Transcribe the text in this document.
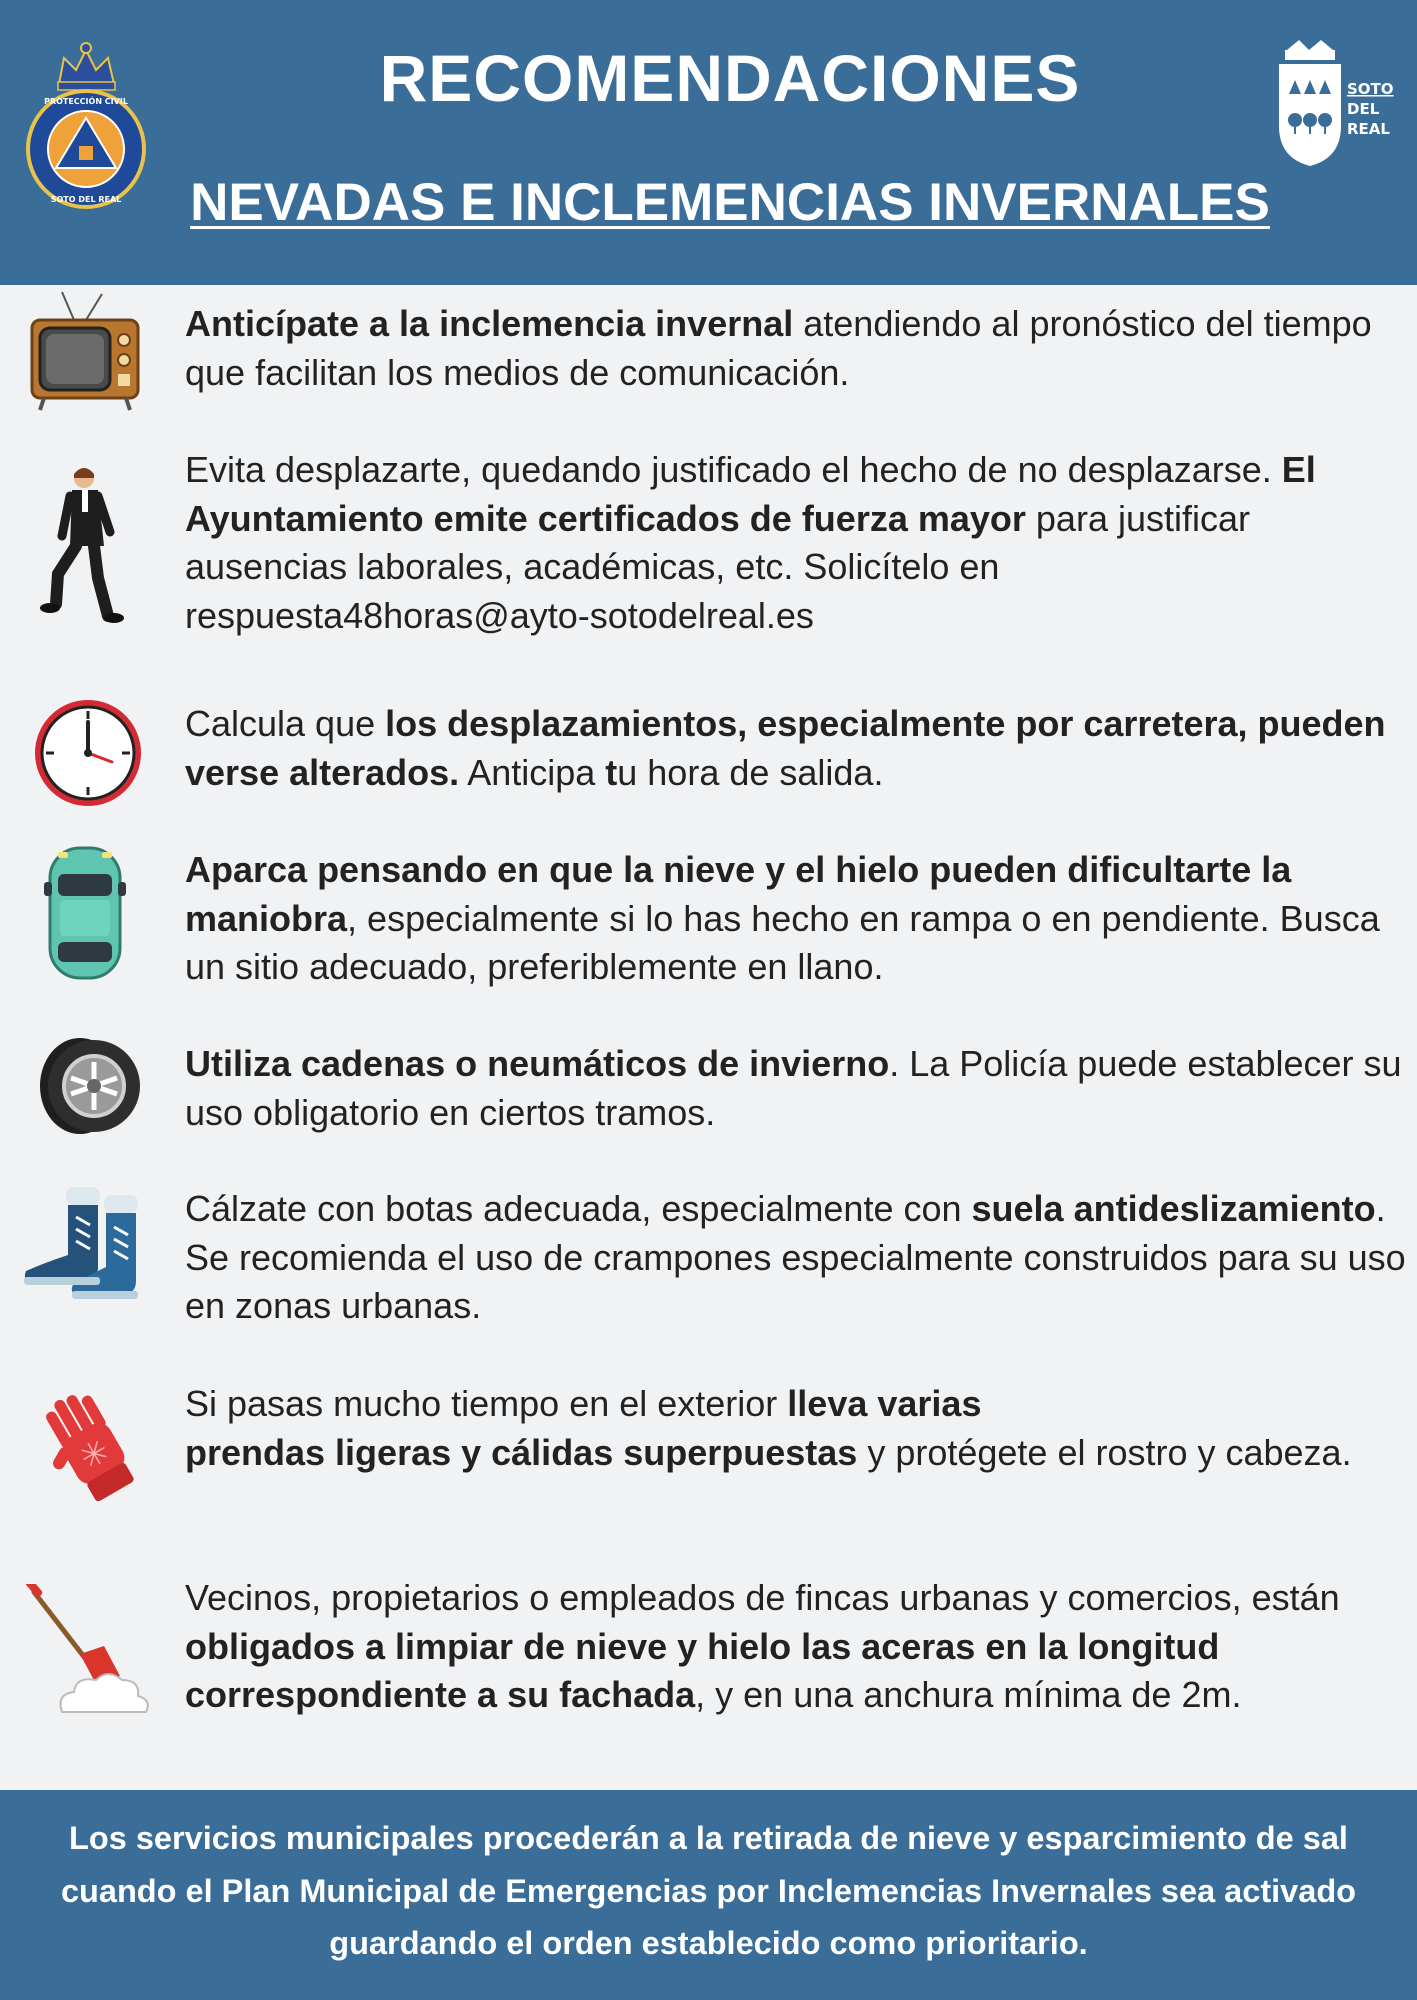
PROTECCIÓN CIVIL
SOTO DEL REAL
RECOMENDACIONES
NEVADAS E INCLEMENCIAS INVERNALES
SOTO
DEL
REAL

Anticípate a la inclemencia invernal atendiendo al pronóstico del tiempo que facilitan los medios de comunicación.

Evita desplazarte, quedando justificado el hecho de no desplazarse. El Ayuntamiento emite certificados de fuerza mayor para justificar ausencias laborales, académicas, etc. Solicítelo en respuesta48horas@ayto-sotodelreal.es

Calcula que los desplazamientos, especialmente por carretera, pueden verse alterados. Anticipa tu hora de salida.

Aparca pensando en que la nieve y el hielo pueden dificultarte la maniobra, especialmente si lo has hecho en rampa o en pendiente. Busca un sitio adecuado, preferiblemente en llano.

Utiliza cadenas o neumáticos de invierno. La Policía puede establecer su uso obligatorio en ciertos tramos.

Cálzate con botas adecuada, especialmente con suela antideslizamiento. Se recomienda el uso de crampones especialmente construidos para su uso en zonas urbanas.

Si pasas mucho tiempo en el exterior lleva varias
prendas ligeras y cálidas superpuestas y protégete el rostro y cabeza.

Vecinos, propietarios o empleados de fincas urbanas y comercios, están obligados a limpiar de nieve y hielo las aceras en la longitud correspondiente a su fachada, y en una anchura mínima de 2m.

Los servicios municipales procederán a la retirada de nieve y esparcimiento de sal cuando el Plan Municipal de Emergencias por Inclemencias Invernales sea activado guardando el orden establecido como prioritario.
